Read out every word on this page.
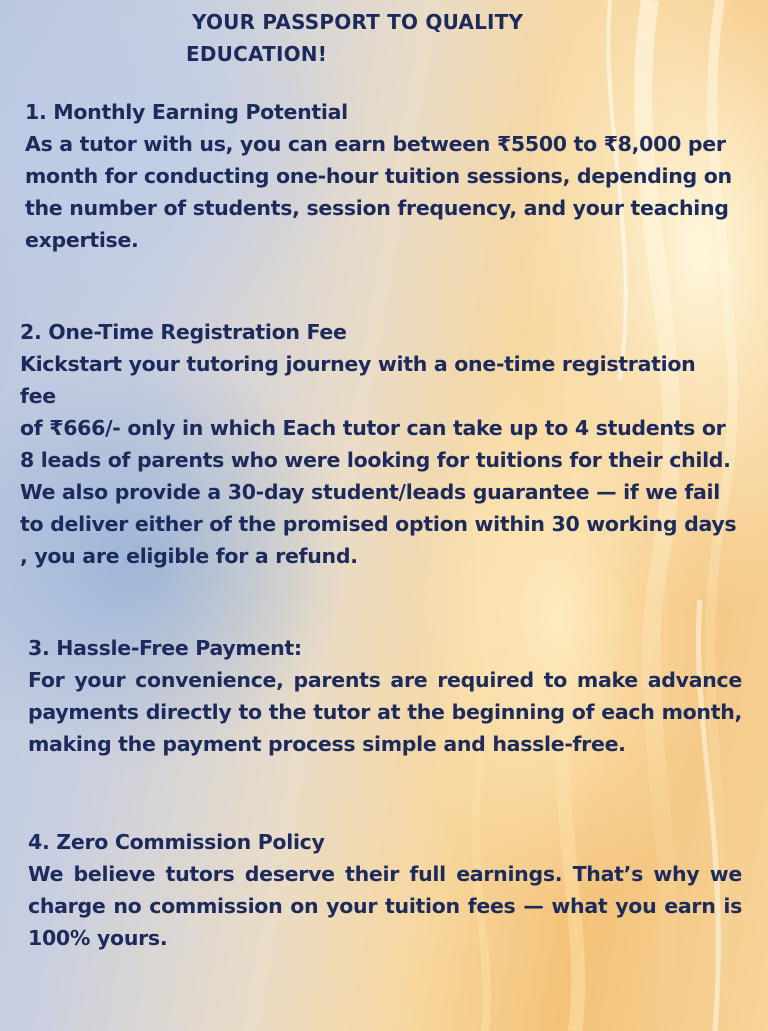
YOUR PASSPORT TO QUALITY
EDUCATION!
1. Monthly Earning Potential
As a tutor with us, you can earn between ₹5500 to ₹8,000 per
month for conducting one-hour tuition sessions, depending on
the number of students, session frequency, and your teaching
expertise.
2. One-Time Registration Fee
Kickstart your tutoring journey with a one-time registration fee
of ₹666/- only in which Each tutor can take up to 4 students or
8 leads of parents who were looking for tuitions for their child.
We also provide a 30-day student/leads guarantee — if we fail
to deliver either of the promised option within 30 working days
, you are eligible for a refund.
3. Hassle-Free Payment:
For your convenience, parents are required to make advance payments directly to the tutor at the beginning of each month, making the payment process simple and hassle-free.
4. Zero Commission Policy
We believe tutors deserve their full earnings. That’s why we charge no commission on your tuition fees — what you earn is 100% yours.
